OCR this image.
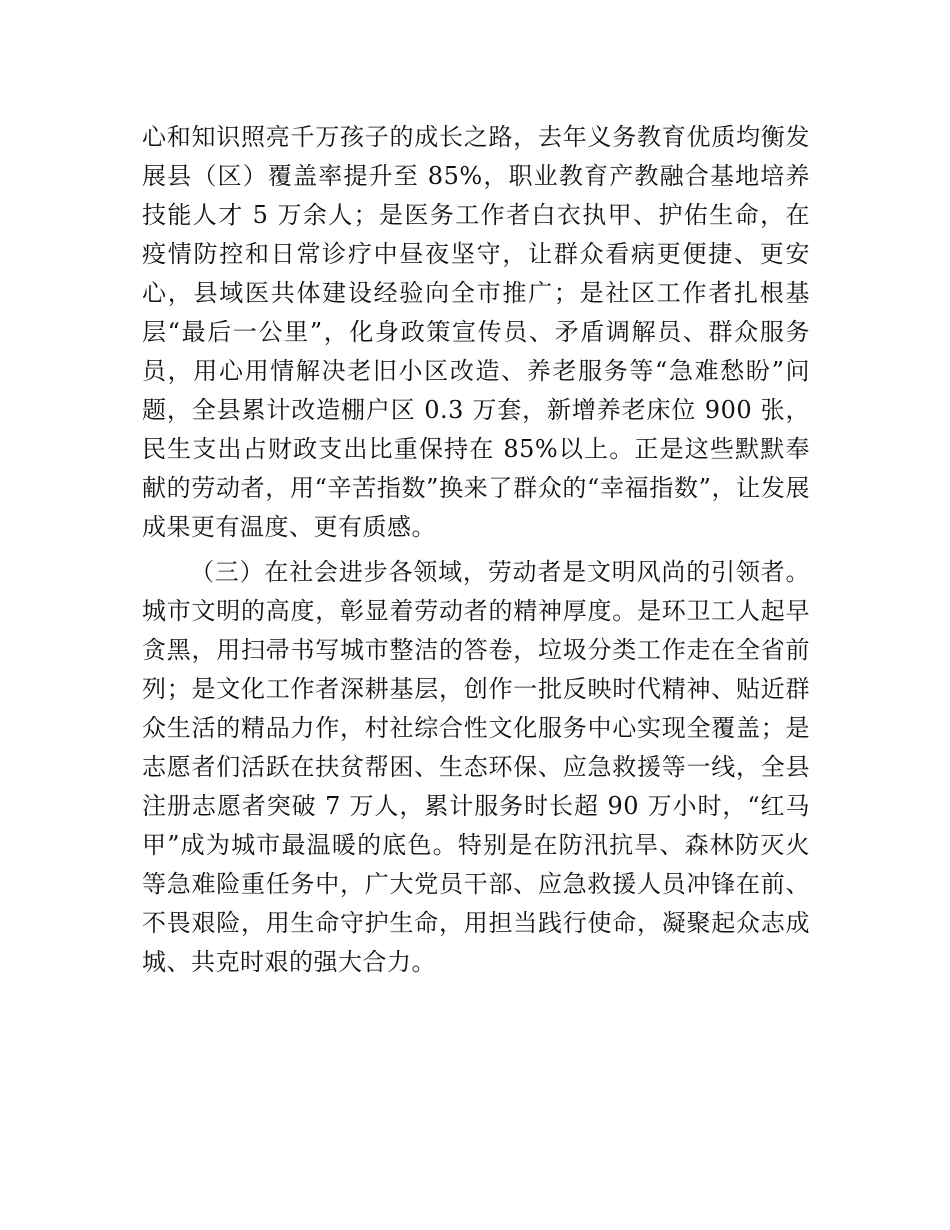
心和知识照亮千万孩子的成长之路，去年义务教育优质均衡发展县（区）覆盖率提升至 85%，职业教育产教融合基地培养技能人才 5 万余人；是医务工作者白衣执甲、护佑生命，在疫情防控和日常诊疗中昼夜坚守，让群众看病更便捷、更安心，县域医共体建设经验向全市推广；是社区工作者扎根基层“最后一公里”，化身政策宣传员、矛盾调解员、群众服务员，用心用情解决老旧小区改造、养老服务等“急难愁盼”问题，全县累计改造棚户区 0.3 万套，新增养老床位 900 张，民生支出占财政支出比重保持在 85%以上。正是这些默默奉献的劳动者，用“辛苦指数”换来了群众的“幸福指数”，让发展成果更有温度、更有质感。

（三）在社会进步各领域，劳动者是文明风尚的引领者。城市文明的高度，彰显着劳动者的精神厚度。是环卫工人起早贪黑，用扫帚书写城市整洁的答卷，垃圾分类工作走在全省前列；是文化工作者深耕基层，创作一批反映时代精神、贴近群众生活的精品力作，村社综合性文化服务中心实现全覆盖；是志愿者们活跃在扶贫帮困、生态环保、应急救援等一线，全县注册志愿者突破 7 万人，累计服务时长超 90 万小时，“红马甲”成为城市最温暖的底色。特别是在防汛抗旱、森林防灭火等急难险重任务中，广大党员干部、应急救援人员冲锋在前、不畏艰险，用生命守护生命，用担当践行使命，凝聚起众志成城、共克时艰的强大合力。
